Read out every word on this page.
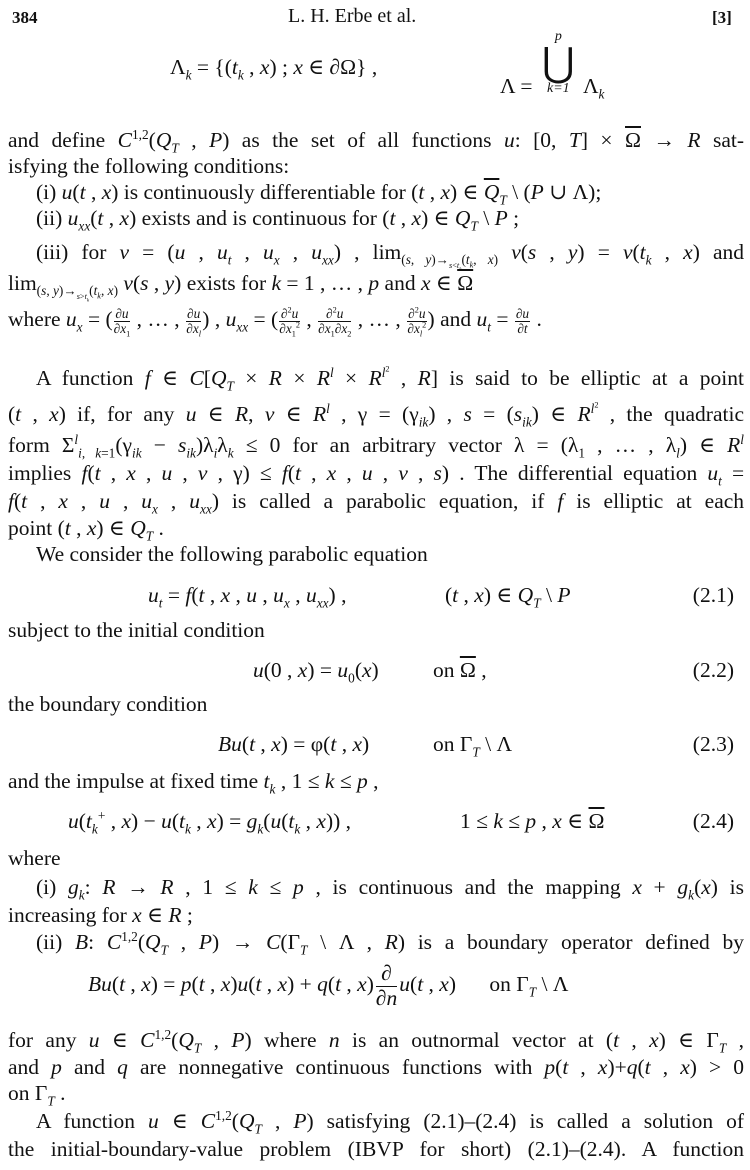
384	L. H. Erbe et al.	[3]
$\Lambda_k = \{(t_k$ , x) ; x ∈ ∂Ω} ,
Λ =
p
⋃
k=1 $\Lambda_k$
and define $C^{1,2}(Q_T$ , P) as the set of all functions u: [0, $T] \times \overline{\Omega} \to R$ sat-
isfying the following conditions:
(i) u(t , x) is continuously differentiable for (t , x) ∈ $\overline{Q}_T$ \ (P ∪ Λ);
(ii) $u_{xx}(t$ , x) exists and is continuous for (t , x) ∈ $Q_T$ \ P ;
(iii) for v = (u , $u_t$ , $u_x$ , $u_{xx}$) , $\lim_{(s, y)\to_{s<t_k}(t_k, x)} v(s$ , $y) = v(t_k$ , x) and
$\lim_{(s, y)\to_{s>t_k}(t_k, x)} v(s$ , y) exists for k = 1 , … , p and x ∈ $\overline{\Omega}$
where $u_x$ = ( $\frac{\partial u}{\partial x_1}$ , … , $\frac{\partial u}{\partial x_l}$ ) , $u_{xx}$ = ( $\frac{\partial^2u}{\partial x_1^2}$ , $\frac{\partial^2u}{\partial x_1\partial x_2}$ , … , $\frac{\partial^2u}{\partial x_l^2}$ ) and $u_t = \frac{\partial u}{\partial t}$ .
A function f ∈ $C[Q_T \times R \times R^l \times R^{l^2}$ , R] is said to be elliptic at a point
(t , x) if, for any u ∈ R, v ∈ $R^l$ , $\gamma = (\gamma_{ik})$ , $s = (s_{ik})$ ∈ $R^{l^2}$ , the quadratic
form $\Sigma^l_{i, k=1}(\gamma_{ik} - s_{ik})\lambda_i\lambda_k \le 0$ for an arbitrary vector $\lambda = (\lambda_1$ , … , $\lambda_l$) ∈ $R^l$
implies f(t , x , u , v , γ) ≤ f(t , x , u , v , s) . The differential equation $u_t$ =
f(t , x , u , $u_x$ , $u_{xx}$) is called a parabolic equation, if f is elliptic at each
point (t , x) ∈ $Q_T$ .
We consider the following parabolic equation
$u_t = f(t$ , x , u , $u_x$ , $u_{xx}$) ,	(t , x) ∈ $Q_T$ \ P	(2.1)
subject to the initial condition
u(0 , $x) = u_0(x)$	on $\overline{\Omega}$ ,	(2.2)
the boundary condition
Bu(t , x) = φ(t , x)	on $\Gamma_T$ \ Λ	(2.3)
and the impulse at fixed time $t_k$ , 1 ≤ k ≤ p ,
$u(t_k^+$ , $x) - u(t_k$ , $x) = g_k(u(t_k$ , x)) ,	1 ≤ k ≤ p , x ∈ $\overline{\Omega}$	(2.4)
where
(i) $g_k$: R → R , 1 ≤ k ≤ p , is continuous and the mapping $x + g_k(x)$ is
increasing for x ∈ R ;
(ii) B: $C^{1,2}(Q_T$ , $P) \to C(\Gamma_T$ \ Λ , R) is a boundary operator defined by
Bu(t , x) = p(t , x)u(t , x) + q(t , x) ∂
∂n
u(t , x) on $\Gamma_T$ \ Λ
for any u ∈ $C^{1,2}(Q_T$ , P) where n is an outnormal vector at (t , x) ∈ $\Gamma_T$ ,
and p and q are nonnegative continuous functions with p(t , x)+q(t , x) > 0
on $\Gamma_T$ .
A function u ∈ $C^{1,2}(Q_T$ , P) satisfying (2.1)–(2.4) is called a solution of
the initial-boundary-value problem (IBVP for short) (2.1)–(2.4). A function
